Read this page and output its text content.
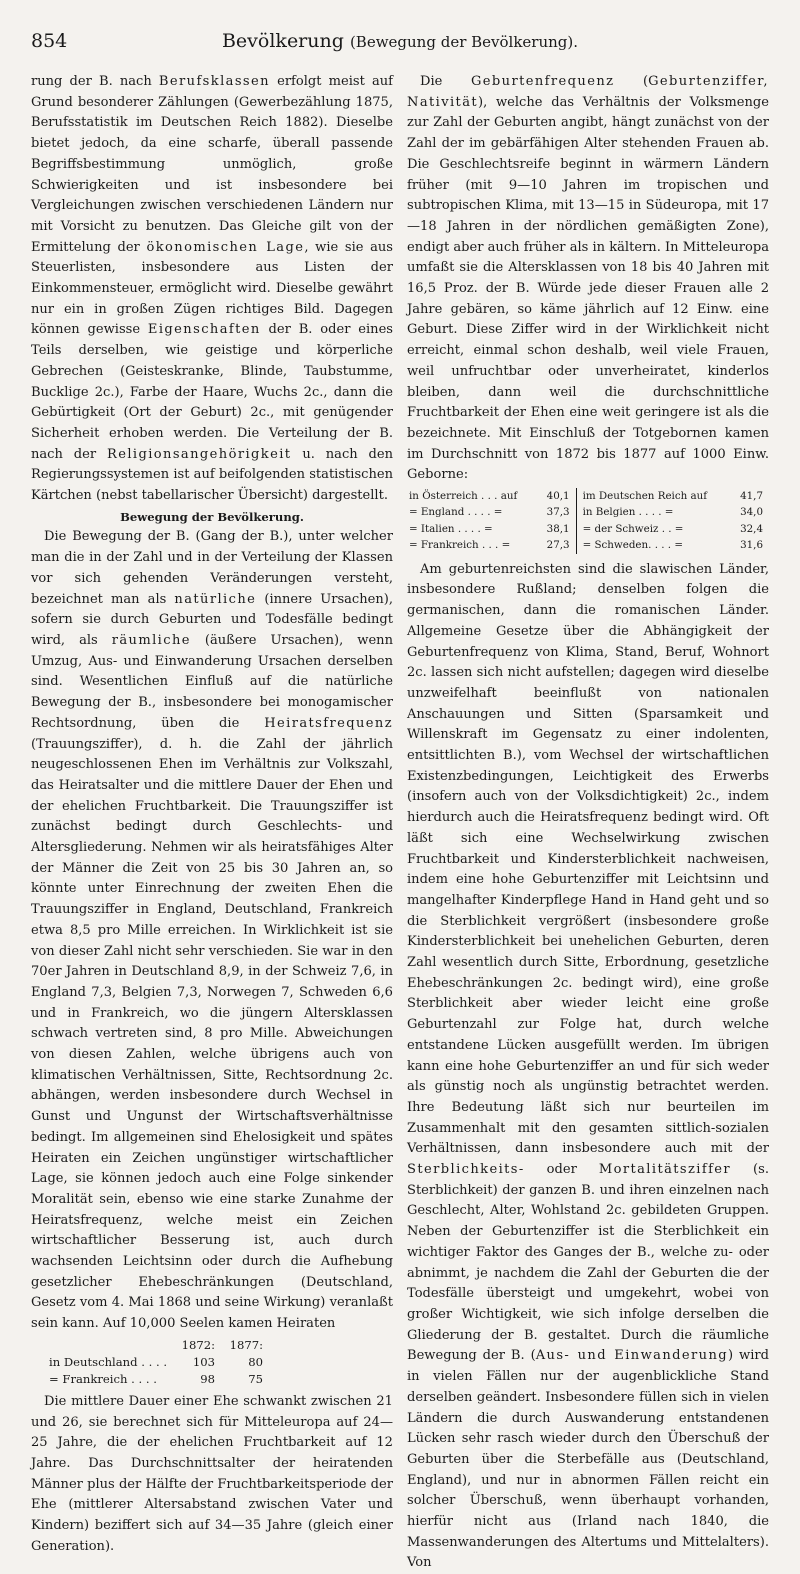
854	Bevölkerung (Bewegung der Bevölkerung).

rung der B. nach Berufsklassen erfolgt meist auf Grund besonderer Zählungen (Gewerbezählung 1875, Berufsstatistik im Deutschen Reich 1882). Dieselbe bietet jedoch, da eine scharfe, überall passende Begriffsbestimmung unmöglich, große Schwierigkeiten und ist insbesondere bei Vergleichungen zwischen verschiedenen Ländern nur mit Vorsicht zu benutzen. Das Gleiche gilt von der Ermittelung der ökonomischen Lage, wie sie aus Steuerlisten, insbesondere aus Listen der Einkommensteuer, ermöglicht wird. Dieselbe gewährt nur ein in großen Zügen richtiges Bild. Dagegen können gewisse Eigenschaften der B. oder eines Teils derselben, wie geistige und körperliche Gebrechen (Geisteskranke, Blinde, Taubstumme, Bucklige 2c.), Farbe der Haare, Wuchs 2c., dann die Gebürtigkeit (Ort der Geburt) 2c., mit genügender Sicherheit erhoben werden. Die Verteilung der B. nach der Religionsangehörigkeit u. nach den Regierungssystemen ist auf beifolgenden statistischen Kärtchen (nebst tabellarischer Übersicht) dargestellt.

Bewegung der Bevölkerung.

Die Bewegung der B. (Gang der B.), unter welcher man die in der Zahl und in der Verteilung der Klassen vor sich gehenden Veränderungen versteht, bezeichnet man als natürliche (innere Ursachen), sofern sie durch Geburten und Todesfälle bedingt wird, als räumliche (äußere Ursachen), wenn Umzug, Aus- und Einwanderung Ursachen derselben sind. Wesentlichen Einfluß auf die natürliche Bewegung der B., insbesondere bei monogamischer Rechtsordnung, üben die Heiratsfrequenz (Trauungsziffer), d. h. die Zahl der jährlich neugeschlossenen Ehen im Verhältnis zur Volkszahl, das Heiratsalter und die mittlere Dauer der Ehen und der ehelichen Fruchtbarkeit. Die Trauungsziffer ist zunächst bedingt durch Geschlechts- und Altersgliederung. Nehmen wir als heiratsfähiges Alter der Männer die Zeit von 25 bis 30 Jahren an, so könnte unter Einrechnung der zweiten Ehen die Trauungsziffer in England, Deutschland, Frankreich etwa 8,5 pro Mille erreichen. In Wirklichkeit ist sie von dieser Zahl nicht sehr verschieden. Sie war in den 70er Jahren in Deutschland 8,9, in der Schweiz 7,6, in England 7,3, Belgien 7,3, Norwegen 7, Schweden 6,6 und in Frankreich, wo die jüngern Altersklassen schwach vertreten sind, 8 pro Mille. Abweichungen von diesen Zahlen, welche übrigens auch von klimatischen Verhältnissen, Sitte, Rechtsordnung 2c. abhängen, werden insbesondere durch Wechsel in Gunst und Ungunst der Wirtschaftsverhältnisse bedingt. Im allgemeinen sind Ehelosigkeit und spätes Heiraten ein Zeichen ungünstiger wirtschaftlicher Lage, sie können jedoch auch eine Folge sinkender Moralität sein, ebenso wie eine starke Zunahme der Heiratsfrequenz, welche meist ein Zeichen wirtschaftlicher Besserung ist, auch durch wachsenden Leichtsinn oder durch die Aufhebung gesetzlicher Ehebeschränkungen (Deutschland, Gesetz vom 4. Mai 1868 und seine Wirkung) veranlaßt sein kann. Auf 10,000 Seelen kamen Heiraten

	1872:	1877:
in Deutschland . . . .	103	80
= Frankreich . . . .	98	75

Die mittlere Dauer einer Ehe schwankt zwischen 21 und 26, sie berechnet sich für Mitteleuropa auf 24—25 Jahre, die der ehelichen Fruchtbarkeit auf 12 Jahre. Das Durchschnittsalter der heiratenden Männer plus der Hälfte der Fruchtbarkeitsperiode der Ehe (mittlerer Altersabstand zwischen Vater und Kindern) beziffert sich auf 34—35 Jahre (gleich einer Generation).

Die Geburtenfrequenz (Geburtenziffer, Nativität), welche das Verhältnis der Volksmenge zur Zahl der Geburten angibt, hängt zunächst von der Zahl der im gebärfähigen Alter stehenden Frauen ab. Die Geschlechtsreife beginnt in wärmern Ländern früher (mit 9—10 Jahren im tropischen und subtropischen Klima, mit 13—15 in Südeuropa, mit 17—18 Jahren in der nördlichen gemäßigten Zone), endigt aber auch früher als in kältern. In Mitteleuropa umfaßt sie die Altersklassen von 18 bis 40 Jahren mit 16,5 Proz. der B. Würde jede dieser Frauen alle 2 Jahre gebären, so käme jährlich auf 12 Einw. eine Geburt. Diese Ziffer wird in der Wirklichkeit nicht erreicht, einmal schon deshalb, weil viele Frauen, weil unfruchtbar oder unverheiratet, kinderlos bleiben, dann weil die durchschnittliche Fruchtbarkeit der Ehen eine weit geringere ist als die bezeichnete. Mit Einschluß der Totgebornen kamen im Durchschnitt von 1872 bis 1877 auf 1000 Einw. Geborne:

in Österreich . . . auf	40,1	im Deutschen Reich auf	41,7
= England . . . . =	37,3	in Belgien . . . . =	34,0
= Italien . . . . =	38,1	= der Schweiz . . =	32,4
= Frankreich . . . =	27,3	= Schweden. . . . =	31,6

Am geburtenreichsten sind die slawischen Länder, insbesondere Rußland; denselben folgen die germanischen, dann die romanischen Länder. Allgemeine Gesetze über die Abhängigkeit der Geburtenfrequenz von Klima, Stand, Beruf, Wohnort 2c. lassen sich nicht aufstellen; dagegen wird dieselbe unzweifelhaft beeinflußt von nationalen Anschauungen und Sitten (Sparsamkeit und Willenskraft im Gegensatz zu einer indolenten, entsittlichten B.), vom Wechsel der wirtschaftlichen Existenzbedingungen, Leichtigkeit des Erwerbs (insofern auch von der Volksdichtigkeit) 2c., indem hierdurch auch die Heiratsfrequenz bedingt wird. Oft läßt sich eine Wechselwirkung zwischen Fruchtbarkeit und Kindersterblichkeit nachweisen, indem eine hohe Geburtenziffer mit Leichtsinn und mangelhafter Kinderpflege Hand in Hand geht und so die Sterblichkeit vergrößert (insbesondere große Kindersterblichkeit bei unehelichen Geburten, deren Zahl wesentlich durch Sitte, Erbordnung, gesetzliche Ehebeschränkungen 2c. bedingt wird), eine große Sterblichkeit aber wieder leicht eine große Geburtenzahl zur Folge hat, durch welche entstandene Lücken ausgefüllt werden. Im übrigen kann eine hohe Geburtenziffer an und für sich weder als günstig noch als ungünstig betrachtet werden. Ihre Bedeutung läßt sich nur beurteilen im Zusammenhalt mit den gesamten sittlich-sozialen Verhältnissen, dann insbesondere auch mit der Sterblichkeits- oder Mortalitätsziffer (s. Sterblichkeit) der ganzen B. und ihren einzelnen nach Geschlecht, Alter, Wohlstand 2c. gebildeten Gruppen. Neben der Geburtenziffer ist die Sterblichkeit ein wichtiger Faktor des Ganges der B., welche zu- oder abnimmt, je nachdem die Zahl der Geburten die der Todesfälle übersteigt und umgekehrt, wobei von großer Wichtigkeit, wie sich infolge derselben die Gliederung der B. gestaltet. Durch die räumliche Bewegung der B. (Aus- und Einwanderung) wird in vielen Fällen nur der augenblickliche Stand derselben geändert. Insbesondere füllen sich in vielen Ländern die durch Auswanderung entstandenen Lücken sehr rasch wieder durch den Überschuß der Geburten über die Sterbefälle aus (Deutschland, England), und nur in abnormen Fällen reicht ein solcher Überschuß, wenn überhaupt vorhanden, hierfür nicht aus (Irland nach 1840, die Massenwanderungen des Altertums und Mittelalters). Von
